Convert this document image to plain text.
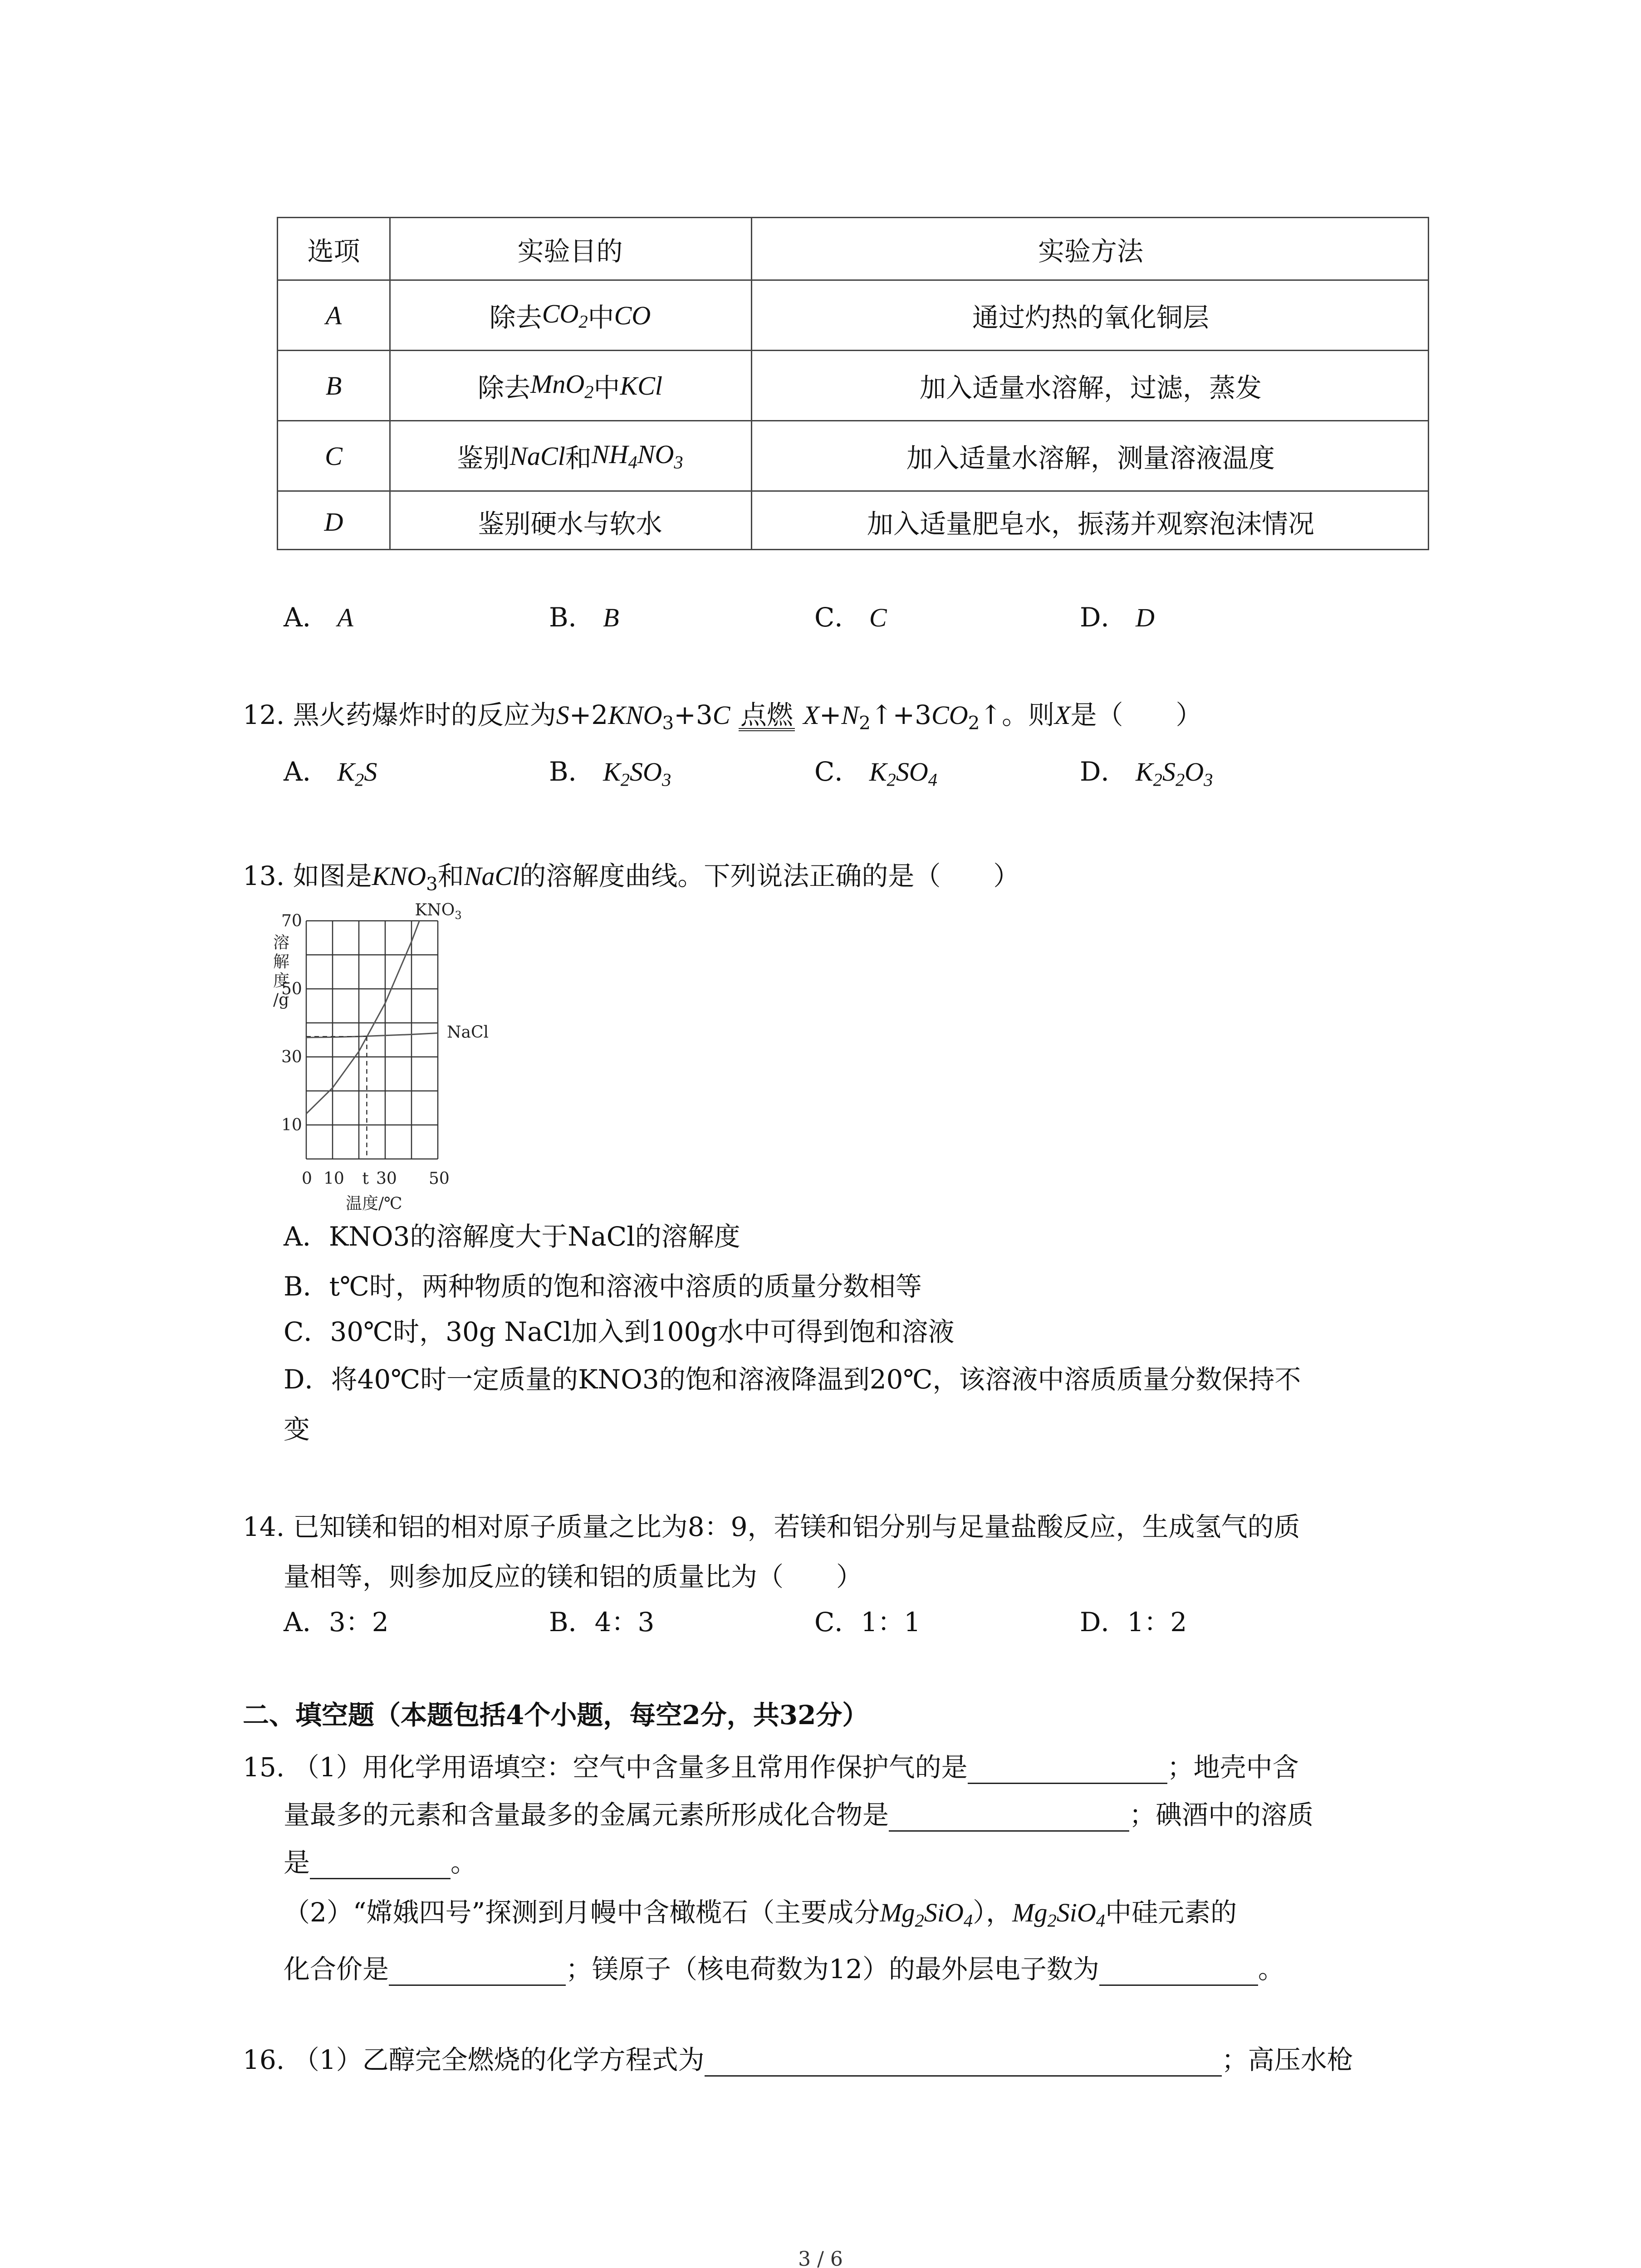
选项	实验目的	实验方法
A	除去 $CO_2$ 中 CO	通过灼热的氧化铜层
B	除去 MnO$_2$ 中 KCl	加入适量水溶解，过滤，蒸发
C	鉴别 NaCl 和 $NH_4NO_3$	加入适量水溶解，测量溶液温度
D	鉴别硬水与软水	加入适量肥皂水，振荡并观察泡沫情况
A． A	B． B	C． C	D． D
12. 黑火药爆炸时的反应为$S+2KNO_3+3C$ 点燃 $X+N_2↑+3CO_2↑$。则X是（　　）
A． $K_2S$	B． $K_2SO_3$	C． $K_2SO_4$	D． $K_2S_2O_3$
13. 如图是$KNO_3$和NaCl的溶解度曲线。下列说法正确的是（　　）
$KNO_3$
NaCl
10
30
50
70
0 10 t 30 50
溶
解
度
/g
温度/℃
A．KNO3的溶解度大于NaCl的溶解度
B．t℃时，两种物质的饱和溶液中溶质的质量分数相等
C．30℃时，30g NaCl加入到100g水中可得到饱和溶液
D．将40℃时一定质量的KNO3的饱和溶液降温到20℃，该溶液中溶质质量分数保持不
变
14. 已知镁和铝的相对原子质量之比为8：9，若镁和铝分别与足量盐酸反应，生成氢气的质
量相等，则参加反应的镁和铝的质量比为（　　）
A．3：2	B．4：3	C．1：1	D．1：2
二、填空题（本题包括4个小题，每空2分，共32分）
15. （1）用化学用语填空：空气中含量多且常用作保护气的是	；地壳中含
量最多的元素和含量最多的金属元素所形成化合物是	；碘酒中的溶质
是	。
（2）“嫦娥四号”探测到月幔中含橄榄石（主要成分$Mg_2SiO_4$），$Mg_2SiO_4$中硅元素的
化合价是	；镁原子（核电荷数为12）的最外层电子数为	。
16. （1）乙醇完全燃烧的化学方程式为	；高压水枪
3 / 6
